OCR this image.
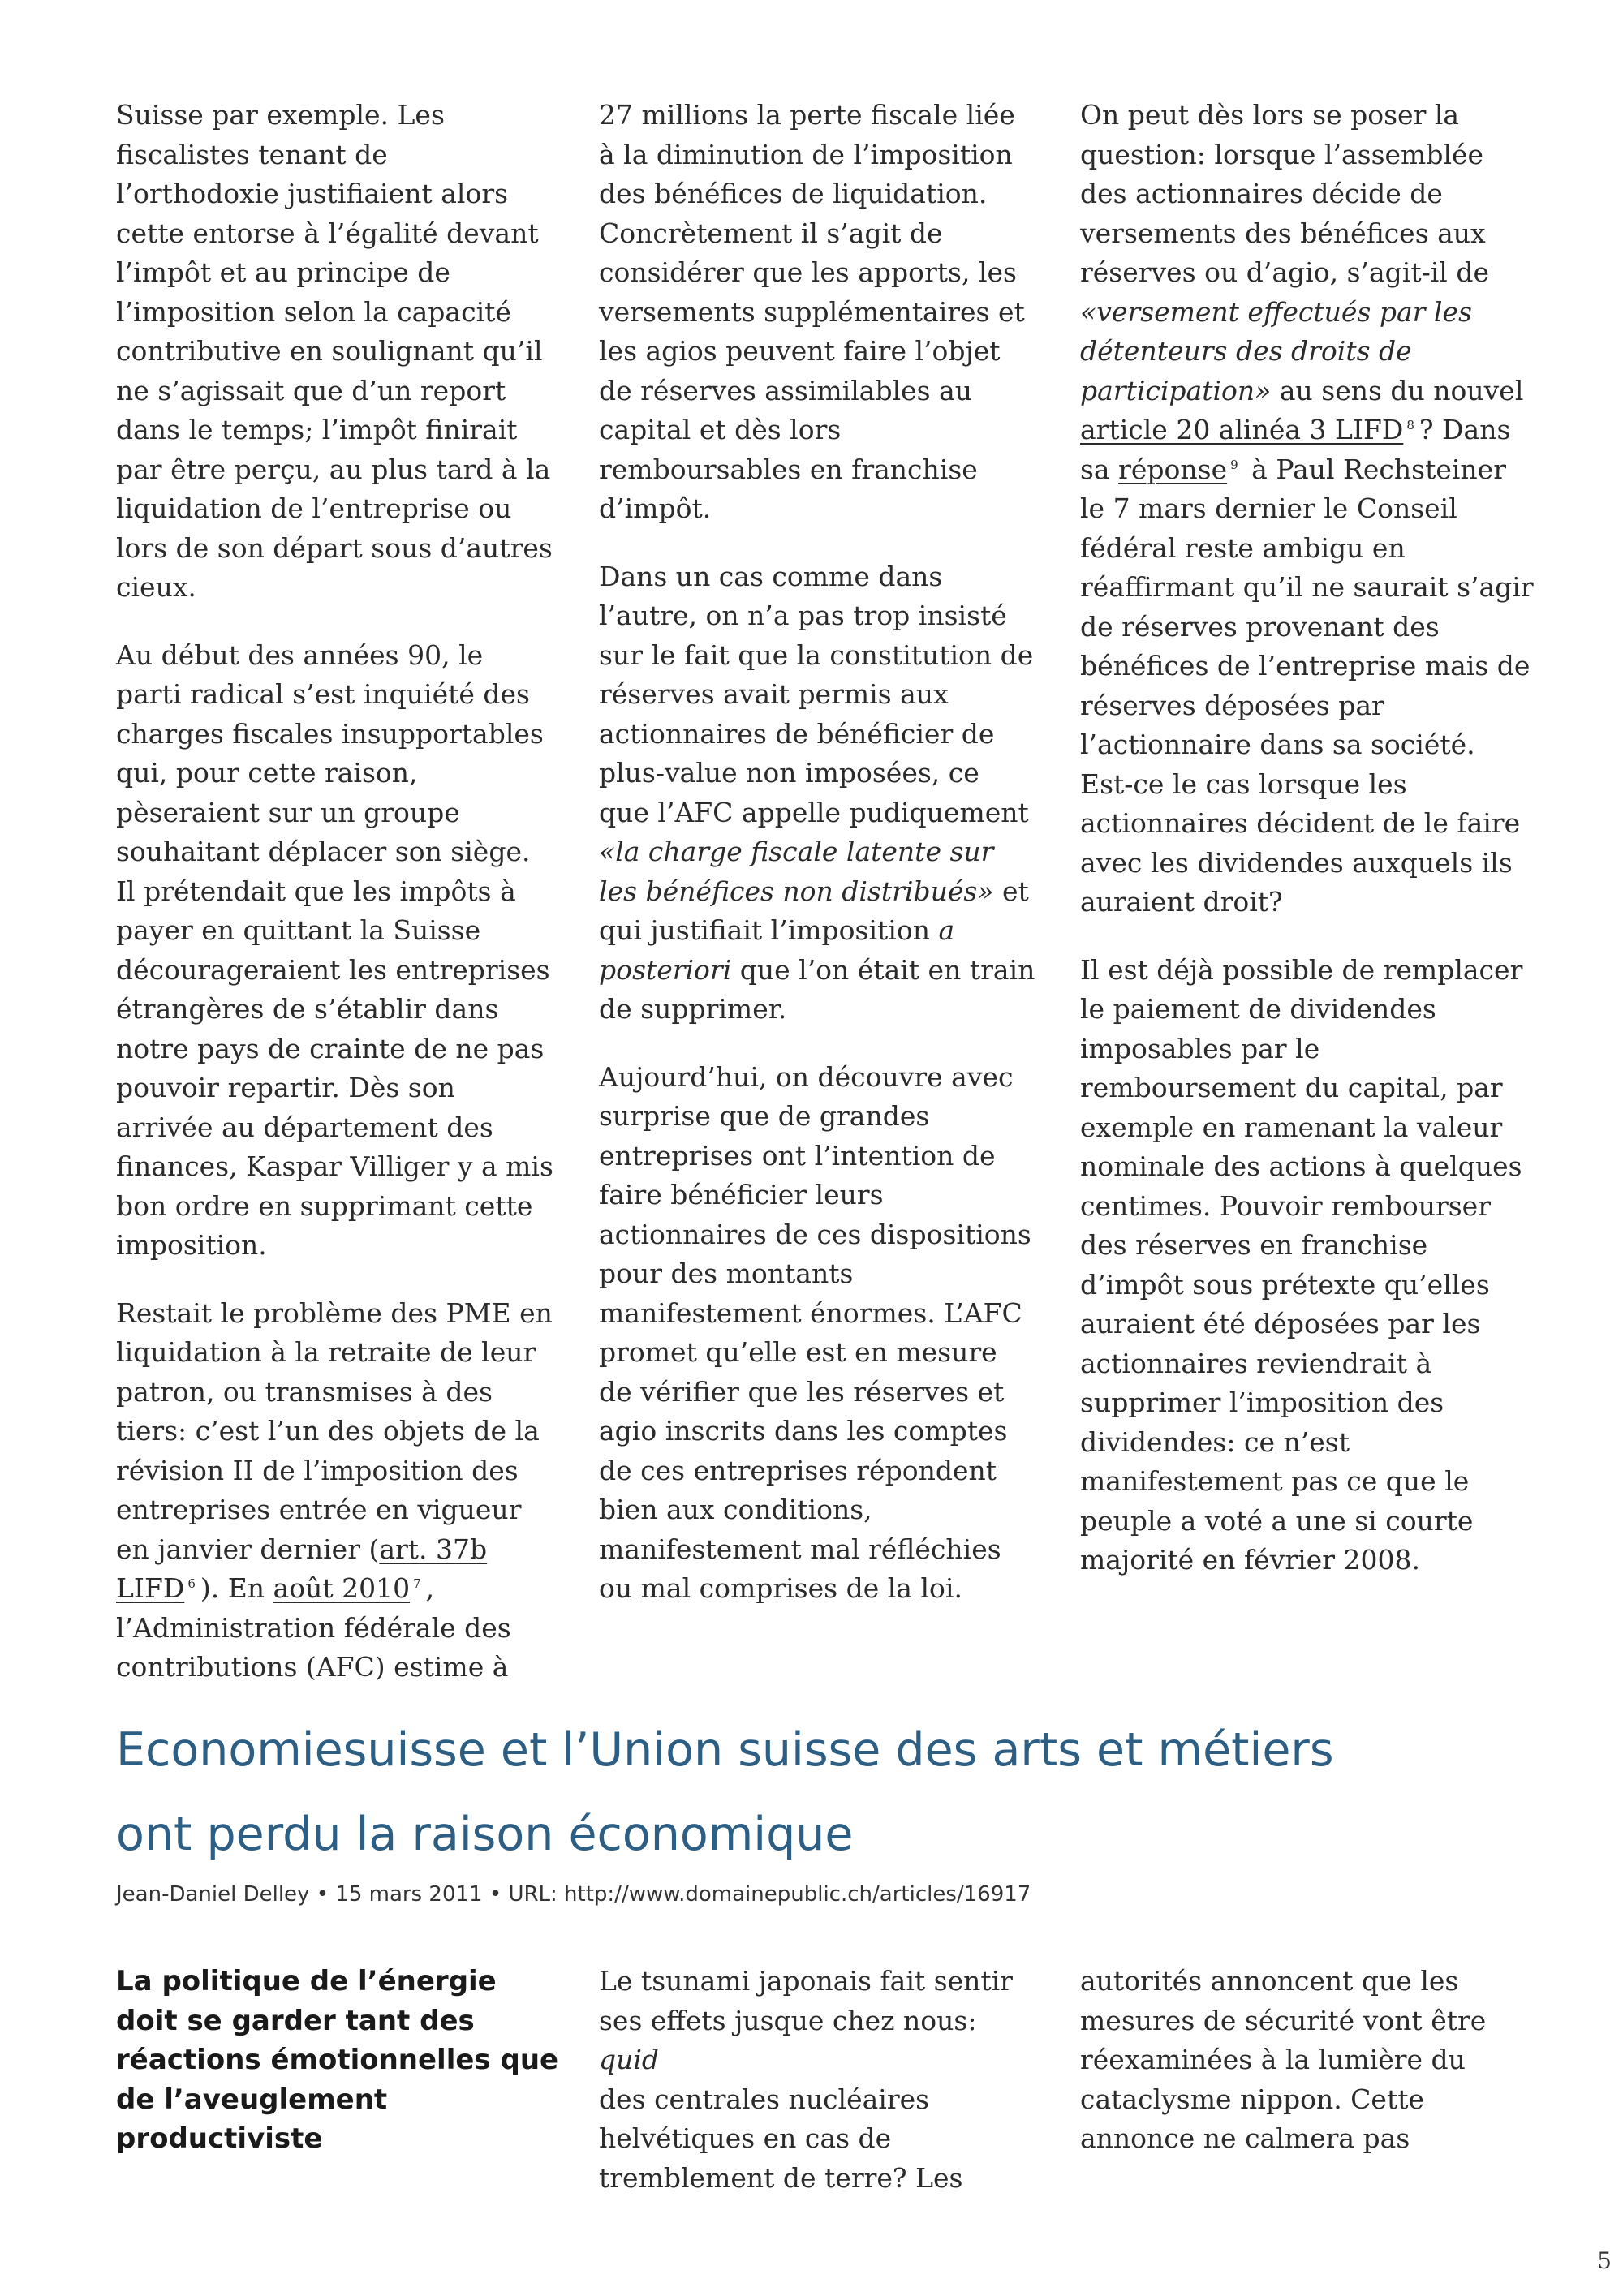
Suisse par exemple. Les fiscalistes tenant de l’orthodoxie justifiaient alors cette entorse à l’égalité devant l’impôt et au principe de l’imposition selon la capacité contributive en soulignant qu’il ne s’agissait que d’un report dans le temps; l’impôt finirait par être perçu, au plus tard à la liquidation de l’entreprise ou lors de son départ sous d’autres cieux.

Au début des années 90, le parti radical s’est inquiété des charges fiscales insupportables qui, pour cette raison, pèseraient sur un groupe souhaitant déplacer son siège. Il prétendait que les impôts à payer en quittant la Suisse décourageraient les entreprises étrangères de s’établir dans notre pays de crainte de ne pas pouvoir repartir. Dès son arrivée au département des finances, Kaspar Villiger y a mis bon ordre en supprimant cette imposition.

Restait le problème des PME en liquidation à la retraite de leur patron, ou transmises à des tiers: c’est l’un des objets de la révision II de l’imposition des entreprises entrée en vigueur en janvier dernier (art. 37b LIFD $^6$ ). En août 2010 $^7$ , l’Administration fédérale des contributions (AFC) estime à

27 millions la perte fiscale liée à la diminution de l’imposition des bénéfices de liquidation. Concrètement il s’agit de considérer que les apports, les versements supplémentaires et les agios peuvent faire l’objet de réserves assimilables au capital et dès lors remboursables en franchise d’impôt.

Dans un cas comme dans l’autre, on n’a pas trop insisté sur le fait que la constitution de réserves avait permis aux actionnaires de bénéficier de plus-value non imposées, ce que l’AFC appelle pudiquement «la charge fiscale latente sur les bénéfices non distribués» et qui justifiait l’imposition a posteriori que l’on était en train de supprimer.

Aujourd’hui, on découvre avec surprise que de grandes entreprises ont l’intention de faire bénéficier leurs actionnaires de ces dispositions pour des montants manifestement énormes. L’AFC promet qu’elle est en mesure de vérifier que les réserves et agio inscrits dans les comptes de ces entreprises répondent bien aux conditions, manifestement mal réfléchies ou mal comprises de la loi.

On peut dès lors se poser la question: lorsque l’assemblée des actionnaires décide de versements des bénéfices aux réserves ou d’agio, s’agit-il de «versement effectués par les détenteurs des droits de participation» au sens du nouvel article 20 alinéa 3 LIFD $^8$ ? Dans sa réponse $^9$ à Paul Rechsteiner le 7 mars dernier le Conseil fédéral reste ambigu en réaffirmant qu’il ne saurait s’agir de réserves provenant des bénéfices de l’entreprise mais de réserves déposées par l’actionnaire dans sa société. Est-ce le cas lorsque les actionnaires décident de le faire avec les dividendes auxquels ils auraient droit?

Il est déjà possible de remplacer le paiement de dividendes imposables par le remboursement du capital, par exemple en ramenant la valeur nominale des actions à quelques centimes. Pouvoir rembourser des réserves en franchise d’impôt sous prétexte qu’elles auraient été déposées par les actionnaires reviendrait à supprimer l’imposition des dividendes: ce n’est manifestement pas ce que le peuple a voté a une si courte majorité en février 2008.

Economiesuisse et l’Union suisse des arts et métiers
ont perdu la raison économique
Jean-Daniel Delley • 15 mars 2011 • URL: http://www.domainepublic.ch/articles/16917
La politique de l’énergie
doit se garder tant des
réactions émotionnelles que
de l’aveuglement
productiviste
Le tsunami japonais fait sentir
ses effets jusque chez nous: quid
des centrales nucléaires
helvétiques en cas de
tremblement de terre? Les
autorités annoncent que les
mesures de sécurité vont être
réexaminées à la lumière du
cataclysme nippon. Cette
annonce ne calmera pas
5
